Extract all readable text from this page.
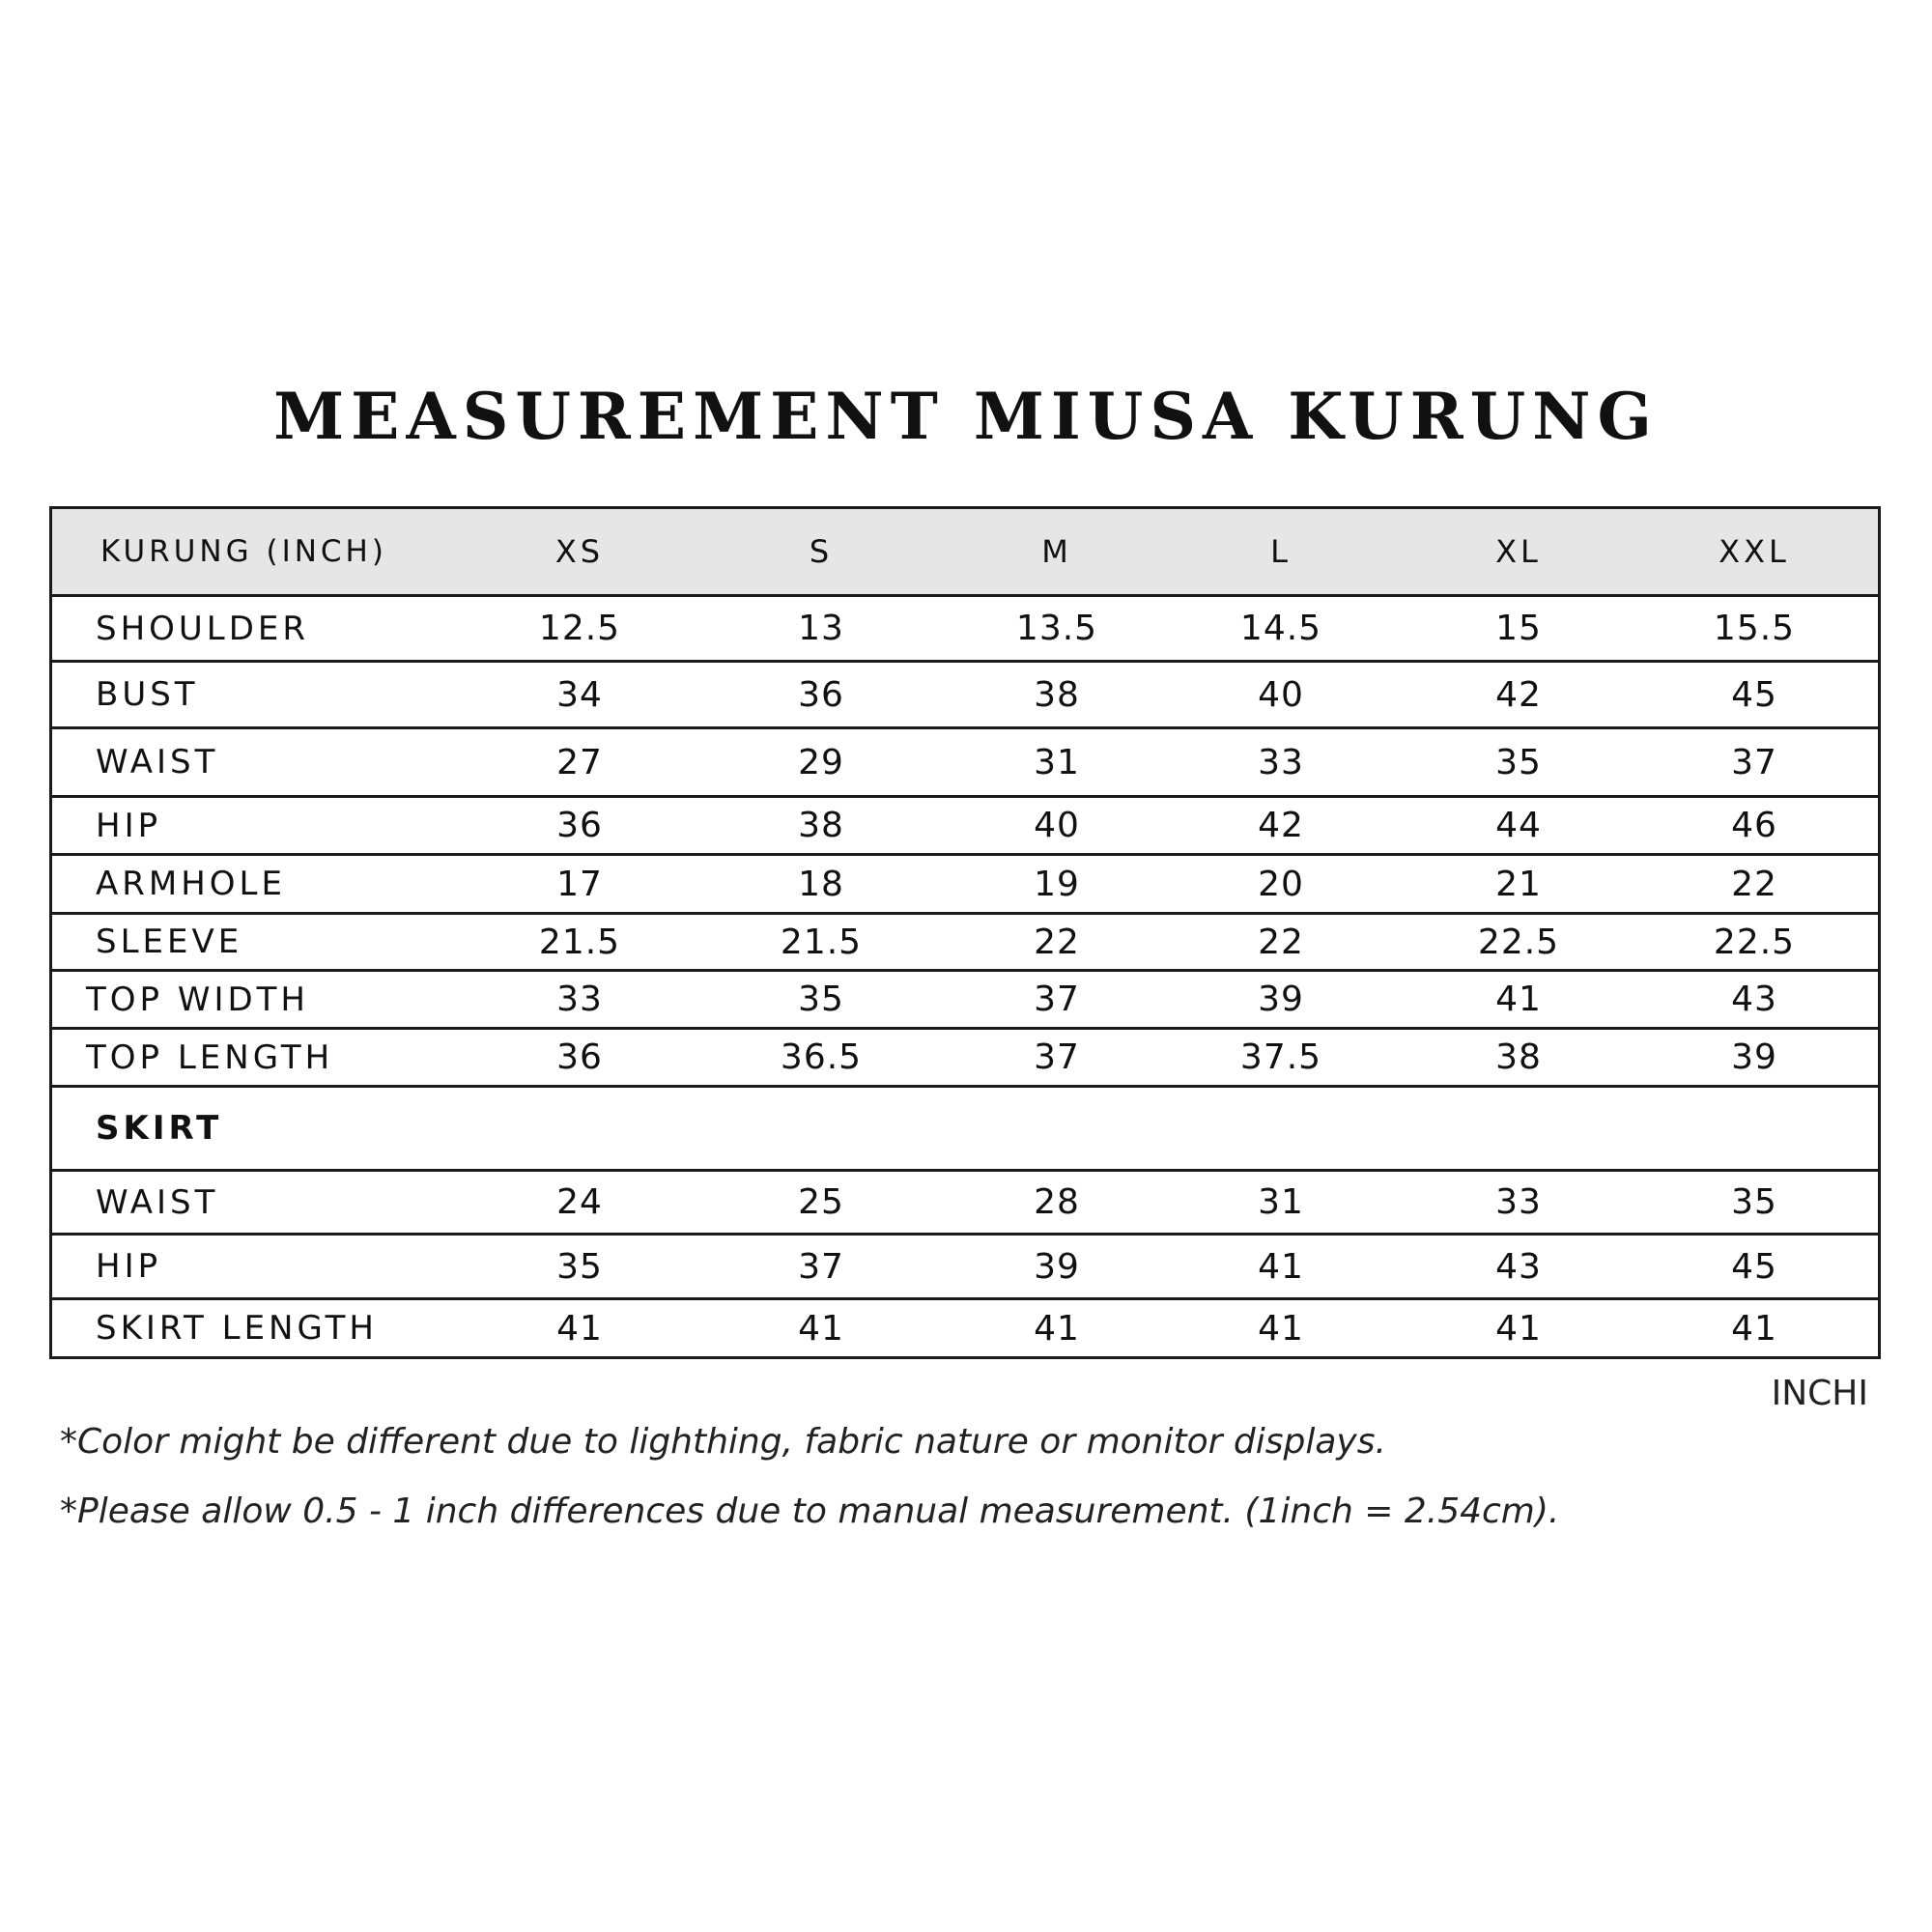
MEASUREMENT MIUSA KURUNG
KURUNG (INCH)	XS	S	M	L	XL	XXL
SHOULDER	12.5	13	13.5	14.5	15	15.5
BUST	34	36	38	40	42	45
WAIST	27	29	31	33	35	37
HIP	36	38	40	42	44	46
ARMHOLE	17	18	19	20	21	22
SLEEVE	21.5	21.5	22	22	22.5	22.5
TOP WIDTH	33	35	37	39	41	43
TOP LENGTH	36	36.5	37	37.5	38	39
SKIRT
WAIST	24	25	28	31	33	35
HIP	35	37	39	41	43	45
SKIRT LENGTH	41	41	41	41	41	41
INCHI
*Color might be different due to lighthing, fabric nature or monitor displays.
*Please allow 0.5 - 1 inch differences due to manual measurement. (1inch = 2.54cm).
